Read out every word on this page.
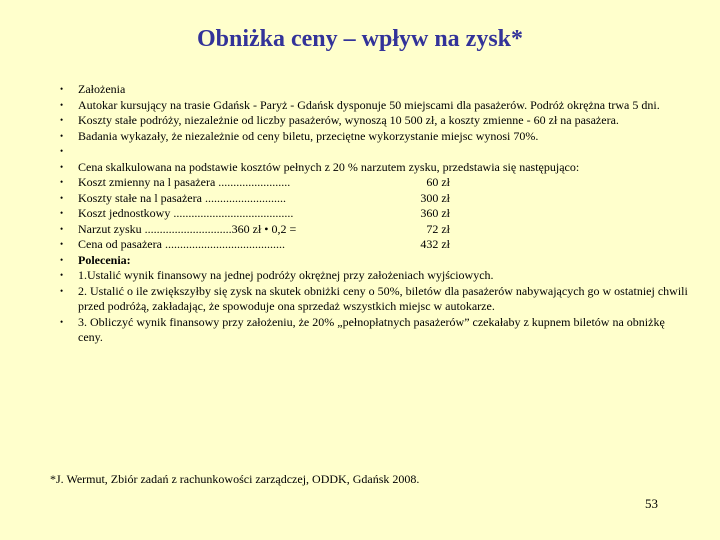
Obniżka ceny – wpływ na zysk*
•	Założenia
•	Autokar kursujący na trasie Gdańsk - Paryż - Gdańsk dysponuje 50 miejscami dla pasażerów. Podróż okrężna trwa 5 dni.
•	Koszty stałe podróży, niezależnie od liczby pasażerów, wynoszą 10 500 zł, a koszty zmienne - 60 zł na pasażera.
•	Badania wykazały, że niezależnie od ceny biletu, przeciętne wykorzystanie miejsc wynosi 70%.
•
•	Cena skalkulowana na podstawie kosztów pełnych z 20 % narzutem zysku, przedstawia się następująco:
•	Koszt zmienny na l pasażera ........................	60 zł
•	Koszty stałe na l pasażera ...........................	300 zł
•	Koszt jednostkowy ........................................	360 zł
•	Narzut zysku .............................360 zł • 0,2 =	72 zł
•	Cena od pasażera ........................................	432 zł
•	Polecenia:
•	1.Ustalić wynik finansowy na jednej podróży okrężnej przy założeniach wyjściowych.
•	2. Ustalić o ile zwiększyłby się zysk na skutek obniżki ceny o 50%, biletów dla pasażerów nabywających go w ostatniej chwili przed podróżą, zakładając, że spowoduje ona sprzedaż wszystkich miejsc w autokarze.
•	3. Obliczyć wynik finansowy przy założeniu, że 20% „pełnopłatnych pasażerów” czekałaby z kupnem biletów na obniżkę ceny.
*J. Wermut, Zbiór zadań z rachunkowości zarządczej, ODDK, Gdańsk 2008.
53
